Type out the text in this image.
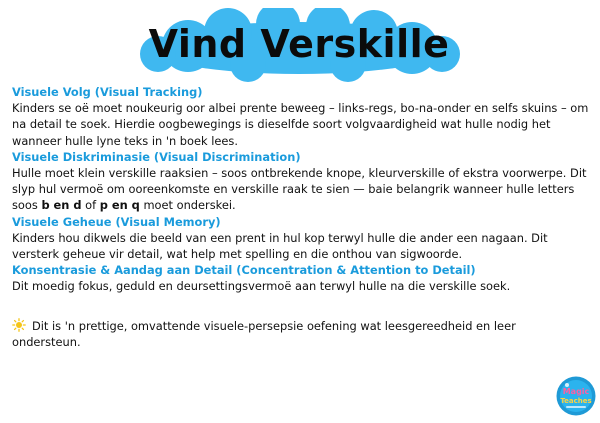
Vind Verskille

Visuele Volg (Visual Tracking)

Kinders se oë moet noukeurig oor albei prente beweeg – links-regs, bo-na-onder en selfs skuins – om na detail te soek. Hierdie oogbewegings is dieselfde soort volgvaardigheid wat hulle nodig het wanneer hulle lyne teks in 'n boek lees.

Visuele Diskriminasie (Visual Discrimination)

Hulle moet klein verskille raaksien – soos ontbrekende knope, kleurverskille of ekstra voorwerpe. Dit slyp hul vermoë om ooreenkomste en verskille raak te sien — baie belangrik wanneer hulle letters soos b en d of p en q moet onderskei.

Visuele Geheue (Visual Memory)

Kinders hou dikwels die beeld van een prent in hul kop terwyl hulle die ander een nagaan. Dit versterk geheue vir detail, wat help met spelling en die onthou van sigwoorde.

Konsentrasie & Aandag aan Detail (Concentration & Attention to Detail)

Dit moedig fokus, geduld en deursettingsvermoë aan terwyl hulle na die verskille soek.

Dit is 'n prettige, omvattende visuele-persepsie oefening wat leesgereedheid en leer ondersteun.
Magic
Teaches
